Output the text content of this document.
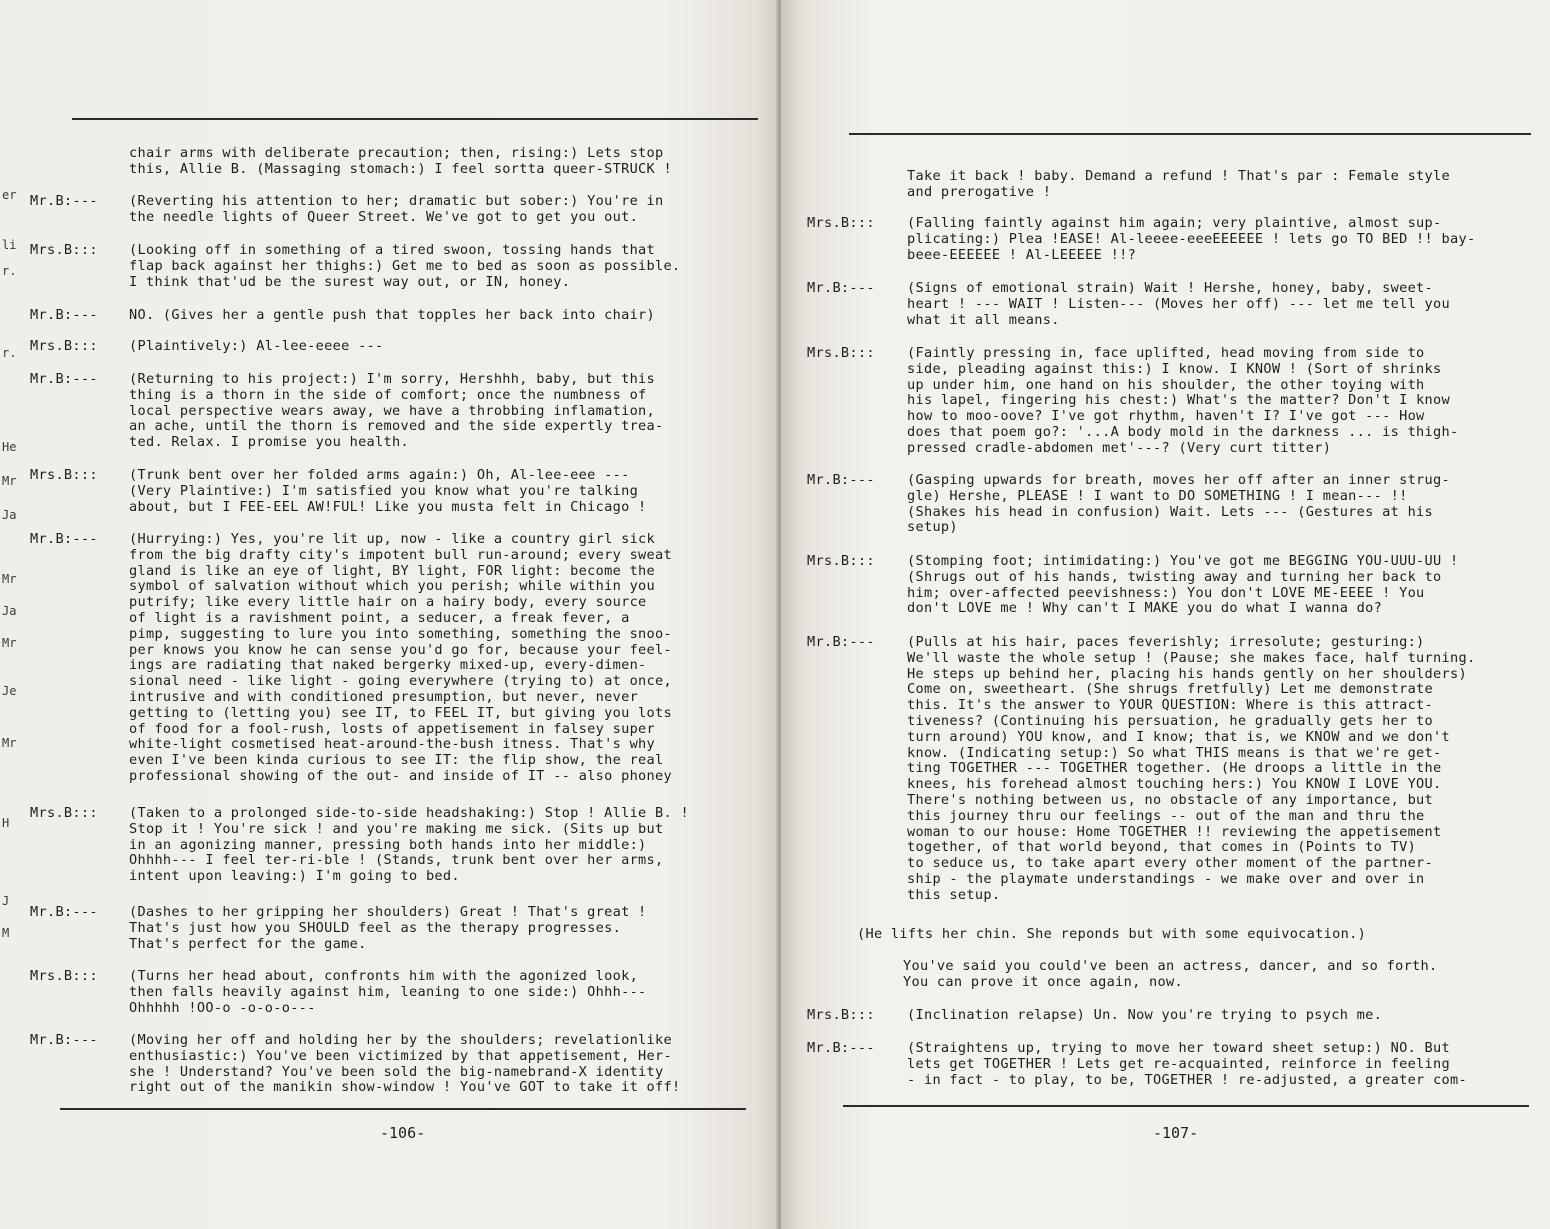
er
li
r.
r.
He
Mr
Ja
Mr
Ja
Mr
Je
Mr
H
J
M
chair arms with deliberate precaution; then, rising:) Lets stop
this, Allie B. (Massaging stomach:) I feel sortta queer-STRUCK !
Mr.B:--- (Reverting his attention to her; dramatic but sober:) You're in
the needle lights of Queer Street. We've got to get you out.
Mrs.B::: (Looking off in something of a tired swoon, tossing hands that
flap back against her thighs:) Get me to bed as soon as possible.
I think that'ud be the surest way out, or IN, honey.
Mr.B:--- NO. (Gives her a gentle push that topples her back into chair)
Mrs.B::: (Plaintively:) Al-lee-eeee ---
Mr.B:--- (Returning to his project:) I'm sorry, Hershhh, baby, but this
thing is a thorn in the side of comfort; once the numbness of
local perspective wears away, we have a throbbing inflamation,
an ache, until the thorn is removed and the side expertly trea-
ted. Relax. I promise you health.
Mrs.B::: (Trunk bent over her folded arms again:) Oh, Al-lee-eee ---
(Very Plaintive:) I'm satisfied you know what you're talking
about, but I FEE-EEL AW!FUL! Like you musta felt in Chicago !
Mr.B:--- (Hurrying:) Yes, you're lit up, now - like a country girl sick
from the big drafty city's impotent bull run-around; every sweat
gland is like an eye of light, BY light, FOR light: become the
symbol of salvation without which you perish; while within you
putrify; like every little hair on a hairy body, every source
of light is a ravishment point, a seducer, a freak fever, a
pimp, suggesting to lure you into something, something the snoo-
per knows you know he can sense you'd go for, because your feel-
ings are radiating that naked bergerky mixed-up, every-dimen-
sional need - like light - going everywhere (trying to) at once,
intrusive and with conditioned presumption, but never, never
getting to (letting you) see IT, to FEEL IT, but giving you lots
of food for a fool-rush, losts of appetisement in falsey super
white-light cosmetised heat-around-the-bush itness. That's why
even I've been kinda curious to see IT: the flip show, the real
professional showing of the out- and inside of IT -- also phoney
Mrs.B::: (Taken to a prolonged side-to-side headshaking:) Stop ! Allie B. !
Stop it ! You're sick ! and you're making me sick. (Sits up but
in an agonizing manner, pressing both hands into her middle:)
Ohhhh--- I feel ter-ri-ble ! (Stands, trunk bent over her arms,
intent upon leaving:) I'm going to bed.
Mr.B:--- (Dashes to her gripping her shoulders) Great ! That's great !
That's just how you SHOULD feel as the therapy progresses.
That's perfect for the game.
Mrs.B::: (Turns her head about, confronts him with the agonized look,
then falls heavily against him, leaning to one side:) Ohhh---
Ohhhhh !OO-o -o-o-o---
Mr.B:--- (Moving her off and holding her by the shoulders; revelationlike
enthusiastic:) You've been victimized by that appetisement, Her-
she ! Understand? You've been sold the big-namebrand-X identity
right out of the manikin show-window ! You've GOT to take it off!
-106-
Take it back ! baby. Demand a refund ! That's par : Female style
and prerogative !
Mrs.B::: (Falling faintly against him again; very plaintive, almost sup-
plicating:) Plea !EASE! Al-leeee-eeeEEEEEE ! lets go TO BED !! bay-
beee-EEEEEE ! Al-LEEEEE !!?
Mr.B:--- (Signs of emotional strain) Wait ! Hershe, honey, baby, sweet-
heart ! --- WAIT ! Listen--- (Moves her off) --- let me tell you
what it all means.
Mrs.B::: (Faintly pressing in, face uplifted, head moving from side to
side, pleading against this:) I know. I KNOW ! (Sort of shrinks
up under him, one hand on his shoulder, the other toying with
his lapel, fingering his chest:) What's the matter? Don't I know
how to moo-oove? I've got rhythm, haven't I? I've got --- How
does that poem go?: '...A body mold in the darkness ... is thigh-
pressed cradle-abdomen met'---? (Very curt titter)
Mr.B:--- (Gasping upwards for breath, moves her off after an inner strug-
gle) Hershe, PLEASE ! I want to DO SOMETHING ! I mean--- !!
(Shakes his head in confusion) Wait. Lets --- (Gestures at his
setup)
Mrs.B::: (Stomping foot; intimidating:) You've got me BEGGING YOU-UUU-UU !
(Shrugs out of his hands, twisting away and turning her back to
him; over-affected peevishness:) You don't LOVE ME-EEEE ! You
don't LOVE me ! Why can't I MAKE you do what I wanna do?
Mr.B:--- (Pulls at his hair, paces feverishly; irresolute; gesturing:)
We'll waste the whole setup ! (Pause; she makes face, half turning.
He steps up behind her, placing his hands gently on her shoulders)
Come on, sweetheart. (She shrugs fretfully) Let me demonstrate
this. It's the answer to YOUR QUESTION: Where is this attract-
tiveness? (Continuing his persuation, he gradually gets her to
turn around) YOU know, and I know; that is, we KNOW and we don't
know. (Indicating setup:) So what THIS means is that we're get-
ting TOGETHER --- TOGETHER together. (He droops a little in the
knees, his forehead almost touching hers:) You KNOW I LOVE YOU.
There's nothing between us, no obstacle of any importance, but
this journey thru our feelings -- out of the man and thru the
woman to our house: Home TOGETHER !! reviewing the appetisement
together, of that world beyond, that comes in (Points to TV)
to seduce us, to take apart every other moment of the partner-
ship - the playmate understandings - we make over and over in
this setup.
(He lifts her chin. She reponds but with some equivocation.)
You've said you could've been an actress, dancer, and so forth.
You can prove it once again, now.
Mrs.B::: (Inclination relapse) Un. Now you're trying to psych me.
Mr.B:--- (Straightens up, trying to move her toward sheet setup:) NO. But
lets get TOGETHER ! Lets get re-acquainted, reinforce in feeling
- in fact - to play, to be, TOGETHER ! re-adjusted, a greater com-
-107-
